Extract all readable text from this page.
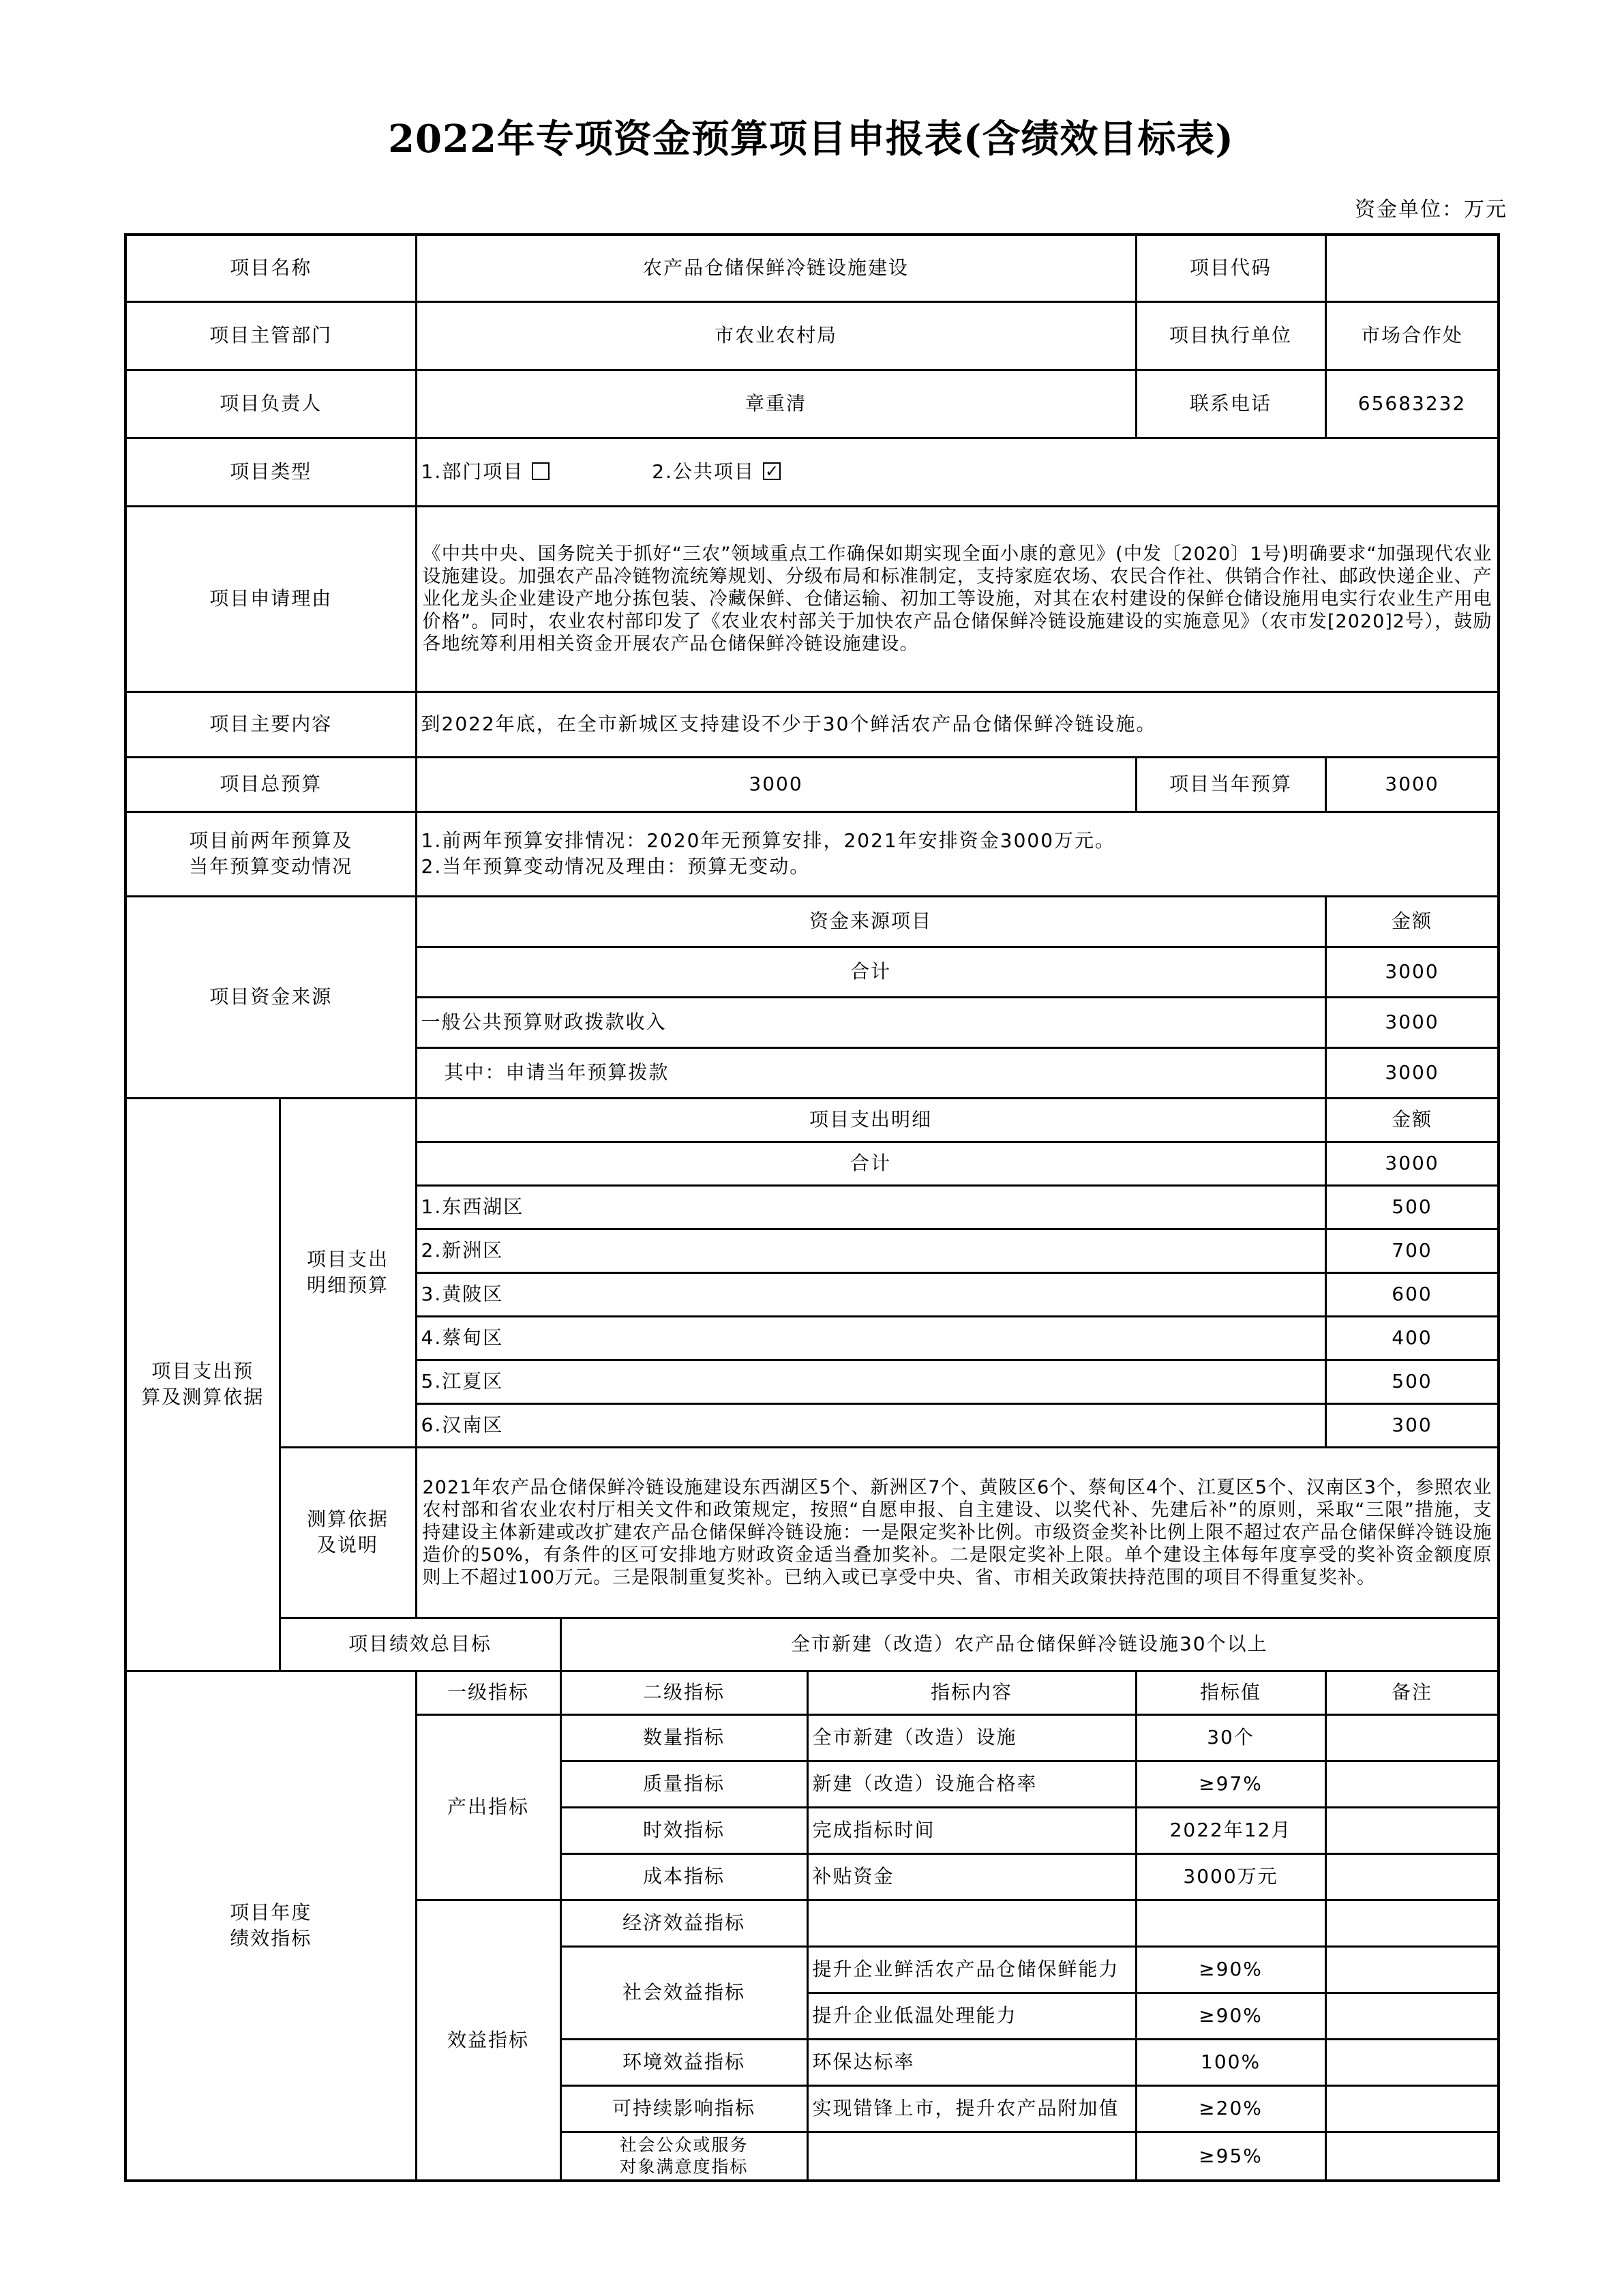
2022年专项资金预算项目申报表(含绩效目标表)
资金单位：万元
项目名称		农产品仓储保鲜冷链设施建设			项目代码	
项目主管部门		市农业农村局			项目执行单位	市场合作处
项目负责人		章重清			联系电话	65683232
项目类型		1.部门项目 2.公共项目✓
项目申请理由		《中共中央、国务院关于抓好“三农”领域重点工作确保如期实现全面小康的意见》(中发〔2020〕1号)明确要求“加强现代农业设施建设。加强农产品冷链物流统筹规划、分级布局和标准制定，支持家庭农场、农民合作社、供销合作社、邮政快递企业、产业化龙头企业建设产地分拣包装、冷藏保鲜、仓储运输、初加工等设施，对其在农村建设的保鲜仓储设施用电实行农业生产用电价格”。同时，农业农村部印发了《农业农村部关于加快农产品仓储保鲜冷链设施建设的实施意见》（农市发[2020]2号），鼓励各地统筹利用相关资金开展农产品仓储保鲜冷链设施建设。				
项目主要内容		到2022年底，在全市新城区支持建设不少于30个鲜活农产品仓储保鲜冷链设施。				
项目总预算		3000			项目当年预算	3000
项目前两年预算及
当年预算变动情况		1.前两年预算安排情况：2020年无预算安排，2021年安排资金3000万元。
2.当年预算变动情况及理由：预算无变动。				
项目资金来源		资金来源项目				金额
		合计				3000
		一般公共预算财政拨款收入				3000
		其中：申请当年预算拨款				3000
项目支出预
算及测算依据	项目支出
明细预算	项目支出明细				金额
		合计				3000
		1.东西湖区				500
		2.新洲区				700
		3.黄陂区				600
		4.蔡甸区				400
		5.江夏区				500
		6.汉南区				300
	测算依据
及说明	2021年农产品仓储保鲜冷链设施建设东西湖区5个、新洲区7个、黄陂区6个、蔡甸区4个、江夏区5个、汉南区3个，参照农业农村部和省农业农村厅相关文件和政策规定，按照“自愿申报、自主建设、以奖代补、先建后补”的原则，采取“三限”措施，支持建设主体新建或改扩建农产品仓储保鲜冷链设施：一是限定奖补比例。市级资金奖补比例上限不超过农产品仓储保鲜冷链设施造价的50%，有条件的区可安排地方财政资金适当叠加奖补。二是限定奖补上限。单个建设主体每年度享受的奖补资金额度原则上不超过100万元。三是限制重复奖补。已纳入或已享受中央、省、市相关政策扶持范围的项目不得重复奖补。				
	项目绩效总目标		全市新建（改造）农产品仓储保鲜冷链设施30个以上			
项目年度
绩效指标		一级指标	二级指标	指标内容	指标值	备注
		产出指标	数量指标	全市新建（改造）设施	30个	
			质量指标	新建（改造）设施合格率	≥97%	
			时效指标	完成指标时间	2022年12月	
			成本指标	补贴资金	3000万元	
		效益指标	经济效益指标			
			社会效益指标	提升企业鲜活农产品仓储保鲜能力	≥90%	
				提升企业低温处理能力	≥90%	
			环境效益指标	环保达标率	100%	
			可持续影响指标	实现错锋上市，提升农产品附加值	≥20%	
			社会公众或服务
对象满意度指标		≥95%	
